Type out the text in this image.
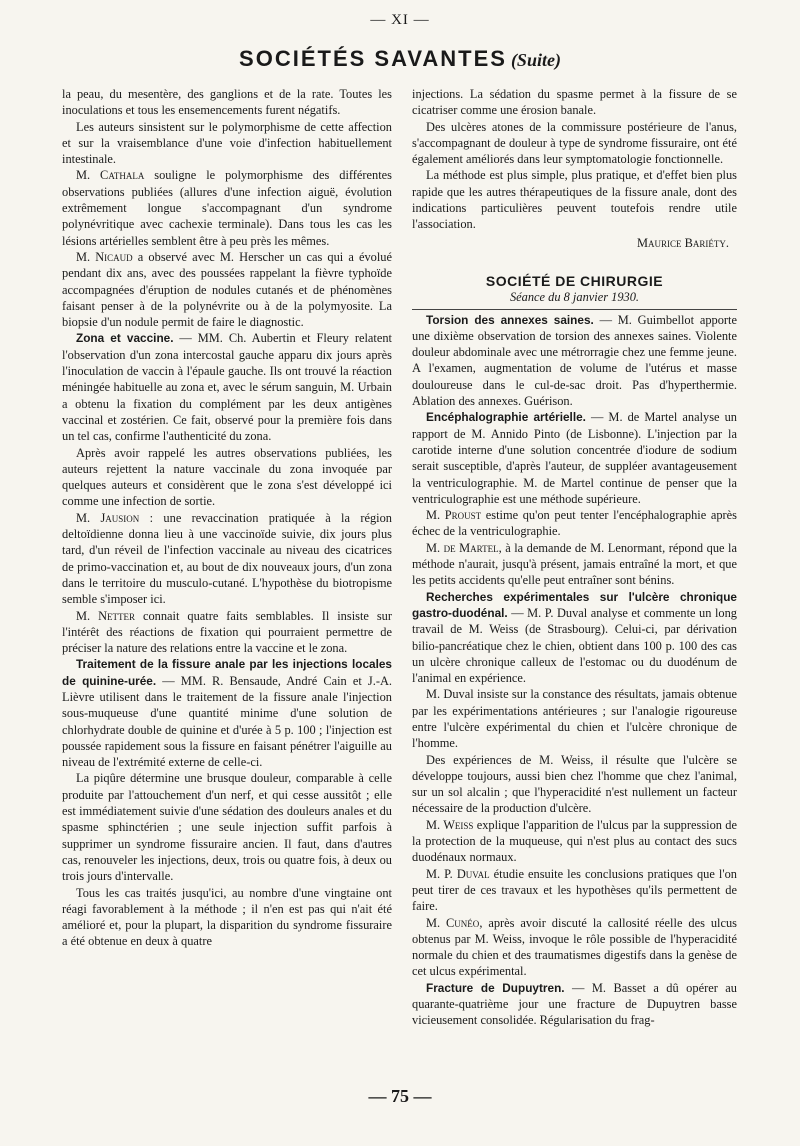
— XI —
SOCIÉTÉS SAVANTES (Suite)

la peau, du mesentère, des ganglions et de la rate. Toutes les inoculations et tous les ensemencements furent négatifs.

Les auteurs sinsistent sur le polymorphisme de cette affection et sur la vraisemblance d'une voie d'infection habituellement intestinale.

M. Cathala souligne le polymorphisme des différentes observations publiées (allures d'une infection aiguë, évolution extrêmement longue s'accompagnant d'un syndrome polynévritique avec cachexie terminale). Dans tous les cas les lésions artérielles semblent être à peu près les mêmes.

M. Nicaud a observé avec M. Herscher un cas qui a évolué pendant dix ans, avec des poussées rappelant la fièvre typhoïde accompagnées d'éruption de nodules cutanés et de phénomènes faisant penser à de la polynévrite ou à de la polymyosite. La biopsie d'un nodule permit de faire le diagnostic.

Zona et vaccine. — MM. Ch. Aubertin et Fleury relatent l'observation d'un zona intercostal gauche apparu dix jours après l'inoculation de vaccin à l'épaule gauche. Ils ont trouvé la réaction méningée habituelle au zona et, avec le sérum sanguin, M. Urbain a obtenu la fixation du complément par les deux antigènes vaccinal et zostérien. Ce fait, observé pour la première fois dans un tel cas, confirme l'authenticité du zona.

Après avoir rappelé les autres observations publiées, les auteurs rejettent la nature vaccinale du zona invoquée par quelques auteurs et considèrent que le zona s'est développé ici comme une infection de sortie.

M. Jausion : une revaccination pratiquée à la région deltoïdienne donna lieu à une vaccinoïde suivie, dix jours plus tard, d'un réveil de l'infection vaccinale au niveau des cicatrices de primo-vaccination et, au bout de dix nouveaux jours, d'un zona dans le territoire du musculo-cutané. L'hypothèse du biotropisme semble s'imposer ici.

M. Netter connait quatre faits semblables. Il insiste sur l'intérêt des réactions de fixation qui pourraient permettre de préciser la nature des relations entre la vaccine et le zona.

Traitement de la fissure anale par les injections locales de quinine-urée. — MM. R. Bensaude, André Cain et J.-A. Lièvre utilisent dans le traitement de la fissure anale l'injection sous-muqueuse d'une quantité minime d'une solution de chlorhydrate double de quinine et d'urée à 5 p. 100 ; l'injection est poussée rapidement sous la fissure en faisant pénétrer l'aiguille au niveau de l'extrémité externe de celle-ci.

La piqûre détermine une brusque douleur, comparable à celle produite par l'attouchement d'un nerf, et qui cesse aussitôt ; elle est immédiatement suivie d'une sédation des douleurs anales et du spasme sphinctérien ; une seule injection suffit parfois à supprimer un syndrome fissuraire ancien. Il faut, dans d'autres cas, renouveler les injections, deux, trois ou quatre fois, à deux ou trois jours d'intervalle.

Tous les cas traités jusqu'ici, au nombre d'une vingtaine ont réagi favorablement à la méthode ; il n'en est pas qui n'ait été amélioré et, pour la plupart, la disparition du syndrome fissuraire a été obtenue en deux à quatre

injections. La sédation du spasme permet à la fissure de se cicatriser comme une érosion banale.

Des ulcères atones de la commissure postérieure de l'anus, s'accompagnant de douleur à type de syndrome fissuraire, ont été également améliorés dans leur symptomatologie fonctionnelle.

La méthode est plus simple, plus pratique, et d'effet bien plus rapide que les autres thérapeutiques de la fissure anale, dont des indications particulières peuvent toutefois rendre utile l'association.

Maurice Bariéty.
SOCIÉTÉ DE CHIRURGIE
Séance du 8 janvier 1930.

Torsion des annexes saines. — M. Guimbellot apporte une dixième observation de torsion des annexes saines. Violente douleur abdominale avec une métrorragie chez une femme jeune. A l'examen, augmentation de volume de l'utérus et masse douloureuse dans le cul-de-sac droit. Pas d'hyperthermie. Ablation des annexes. Guérison.

Encéphalographie artérielle. — M. de Martel analyse un rapport de M. Annido Pinto (de Lisbonne). L'injection par la carotide interne d'une solution concentrée d'iodure de sodium serait susceptible, d'après l'auteur, de suppléer avantageusement la ventriculographie. M. de Martel continue de penser que la ventriculographie est une méthode supérieure.

M. Proust estime qu'on peut tenter l'encéphalographie après échec de la ventriculographie.

M. de Martel, à la demande de M. Lenormant, répond que la méthode n'aurait, jusqu'à présent, jamais entraîné la mort, et que les petits accidents qu'elle peut entraîner sont bénins.

Recherches expérimentales sur l'ulcère chronique gastro-duodénal. — M. P. Duval analyse et commente un long travail de M. Weiss (de Strasbourg). Celui-ci, par dérivation bilio-pancréatique chez le chien, obtient dans 100 p. 100 des cas un ulcère chronique calleux de l'estomac ou du duodénum de l'animal en expérience.

M. Duval insiste sur la constance des résultats, jamais obtenue par les expérimentations antérieures ; sur l'analogie rigoureuse entre l'ulcère expérimental du chien et l'ulcère chronique de l'homme.

Des expériences de M. Weiss, il résulte que l'ulcère se développe toujours, aussi bien chez l'homme que chez l'animal, sur un sol alcalin ; que l'hyperacidité n'est nullement un facteur nécessaire de la production d'ulcère.

M. Weiss explique l'apparition de l'ulcus par la suppression de la protection de la muqueuse, qui n'est plus au contact des sucs duodénaux normaux.

M. P. Duval étudie ensuite les conclusions pratiques que l'on peut tirer de ces travaux et les hypothèses qu'ils permettent de faire.

M. Cunéo, après avoir discuté la callosité réelle des ulcus obtenus par M. Weiss, invoque le rôle possible de l'hyperacidité normale du chien et des traumatismes digestifs dans la genèse de cet ulcus expérimental.

Fracture de Dupuytren. — M. Basset a dû opérer au quarante-quatrième jour une fracture de Dupuytren basse vicieusement consolidée. Régularisation du frag-

— 75 —
